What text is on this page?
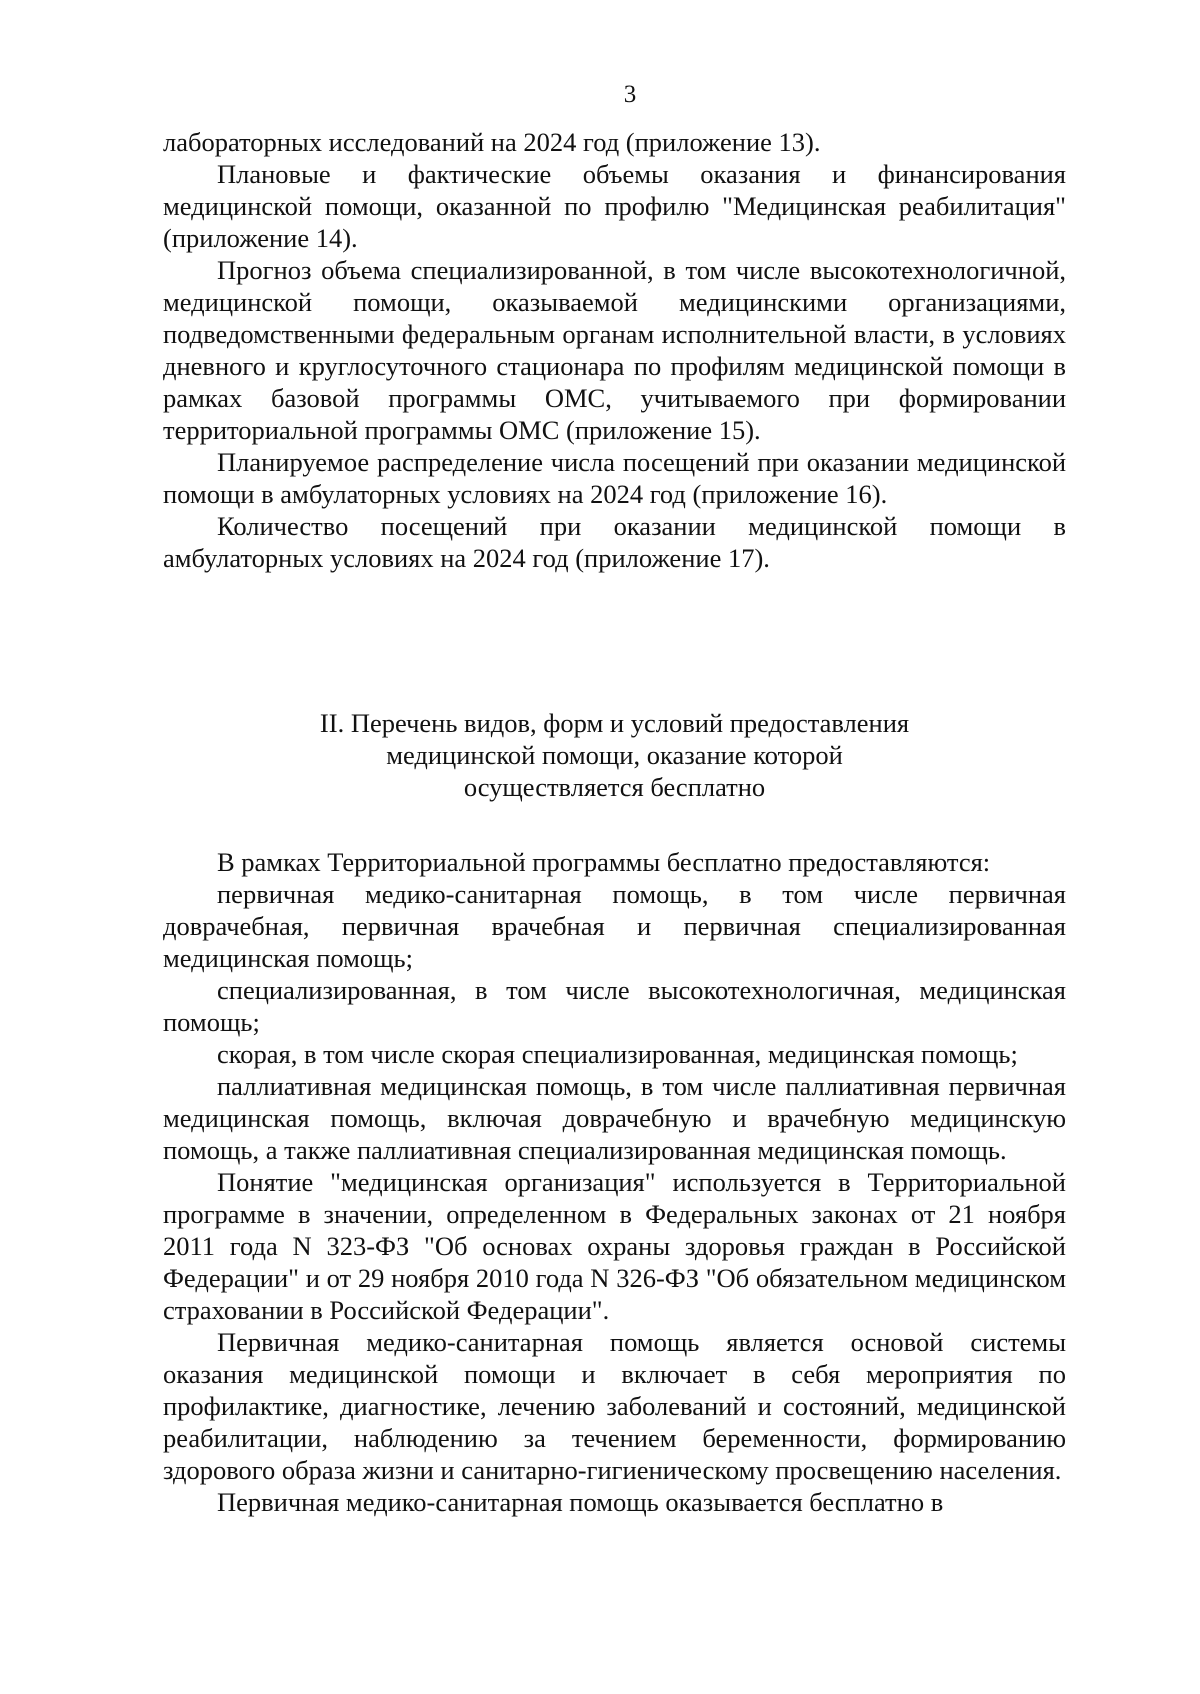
3

лабораторных исследований на 2024 год (приложение 13).

Плановые и фактические объемы оказания и финансирования медицинской помощи, оказанной по профилю "Медицинская реабилитация" (приложение 14).

Прогноз объема специализированной, в том числе высокотехнологичной, медицинской помощи, оказываемой медицинскими организациями, подведомственными федеральным органам исполнительной власти, в условиях дневного и круглосуточного стационара по профилям медицинской помощи в рамках базовой программы ОМС, учитываемого при формировании территориальной программы ОМС (приложение 15).

Планируемое распределение числа посещений при оказании медицинской помощи в амбулаторных условиях на 2024 год (приложение 16).

Количество посещений при оказании медицинской помощи в амбулаторных условиях на 2024 год (приложение 17).

II. Перечень видов, форм и условий предоставления
медицинской помощи, оказание которой
осуществляется бесплатно

В рамках Территориальной программы бесплатно предоставляются:

первичная медико-санитарная помощь, в том числе первичная доврачебная, первичная врачебная и первичная специализированная медицинская помощь;

специализированная, в том числе высокотехнологичная, медицинская помощь;

скорая, в том числе скорая специализированная, медицинская помощь;

паллиативная медицинская помощь, в том числе паллиативная первичная медицинская помощь, включая доврачебную и врачебную медицинскую помощь, а также паллиативная специализированная медицинская помощь.

Понятие "медицинская организация" используется в Территориальной программе в значении, определенном в Федеральных законах от 21 ноября 2011 года N 323-ФЗ "Об основах охраны здоровья граждан в Российской Федерации" и от 29 ноября 2010 года N 326-ФЗ "Об обязательном медицинском страховании в Российской Федерации".

Первичная медико-санитарная помощь является основой системы оказания медицинской помощи и включает в себя мероприятия по профилактике, диагностике, лечению заболеваний и состояний, медицинской реабилитации, наблюдению за течением беременности, формированию здорового образа жизни и санитарно-гигиеническому просвещению населения.

Первичная медико-санитарная помощь оказывается бесплатно в
